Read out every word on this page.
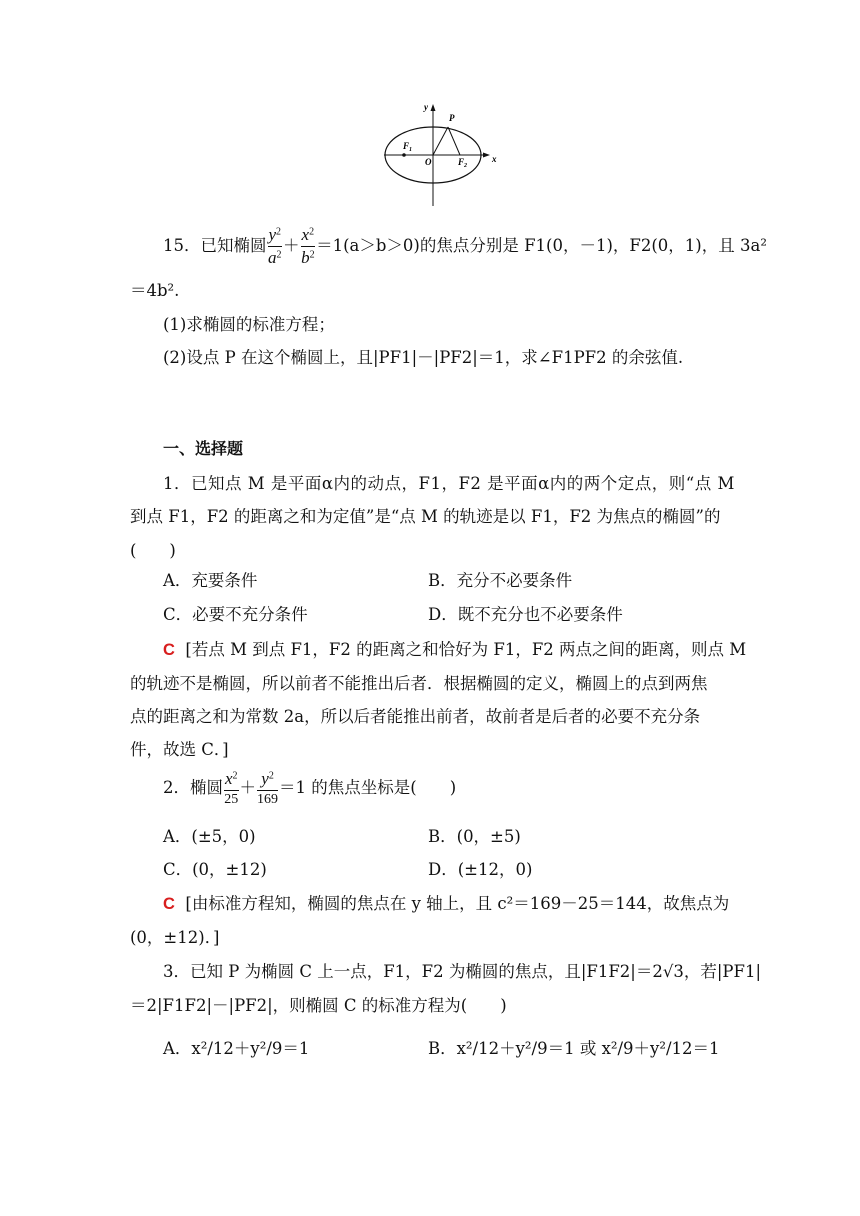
y
x
P
$F_1$
O	$F_2$
15．已知椭圆 $\frac{y^2}{a^2} + \frac{x^2}{b^2} =1(a>b>0)$的焦点分别是 F1(0，－1)，F2(0，1)，且 3a²
＝4b².
(1)求椭圆的标准方程；
(2)设点 P 在这个椭圆上，且|PF1|－|PF2|＝1，求∠F1PF2 的余弦值.
一、选择题
1．已知点 M 是平面α内的动点，F1，F2 是平面α内的两个定点，则“点 M
到点 F1，F2 的距离之和为定值”是“点 M 的轨迹是以 F1，F2 为焦点的椭圆”的
(　　)
A．充要条件	B．充分不必要条件
C．必要不充分条件	D．既不充分也不必要条件
C [若点 M 到点 F1，F2 的距离之和恰好为 F1，F2 两点之间的距离，则点 M
的轨迹不是椭圆，所以前者不能推出后者．根据椭圆的定义，椭圆上的点到两焦
点的距离之和为常数 2a，所以后者能推出前者，故前者是后者的必要不充分条
件，故选 C．]
2．椭圆 $\frac{x^2}{25} + \frac{y^2}{169} =1$ 的焦点坐标是(　　)
A．(±5，0)	B．(0，±5)
C．(0，±12)	D．(±12，0)
C [由标准方程知，椭圆的焦点在 y 轴上，且 c²＝169－25＝144，故焦点为
(0，±12)．]
3．已知 P 为椭圆 C 上一点，F1，F2 为椭圆的焦点，且|F1F2|＝2√3，若|PF1|
＝2|F1F2|－|PF2|，则椭圆 C 的标准方程为(　　)
A．x²/12＋y²/9＝1	B．x²/12＋y²/9＝1 或 x²/9＋y²/12＝1
